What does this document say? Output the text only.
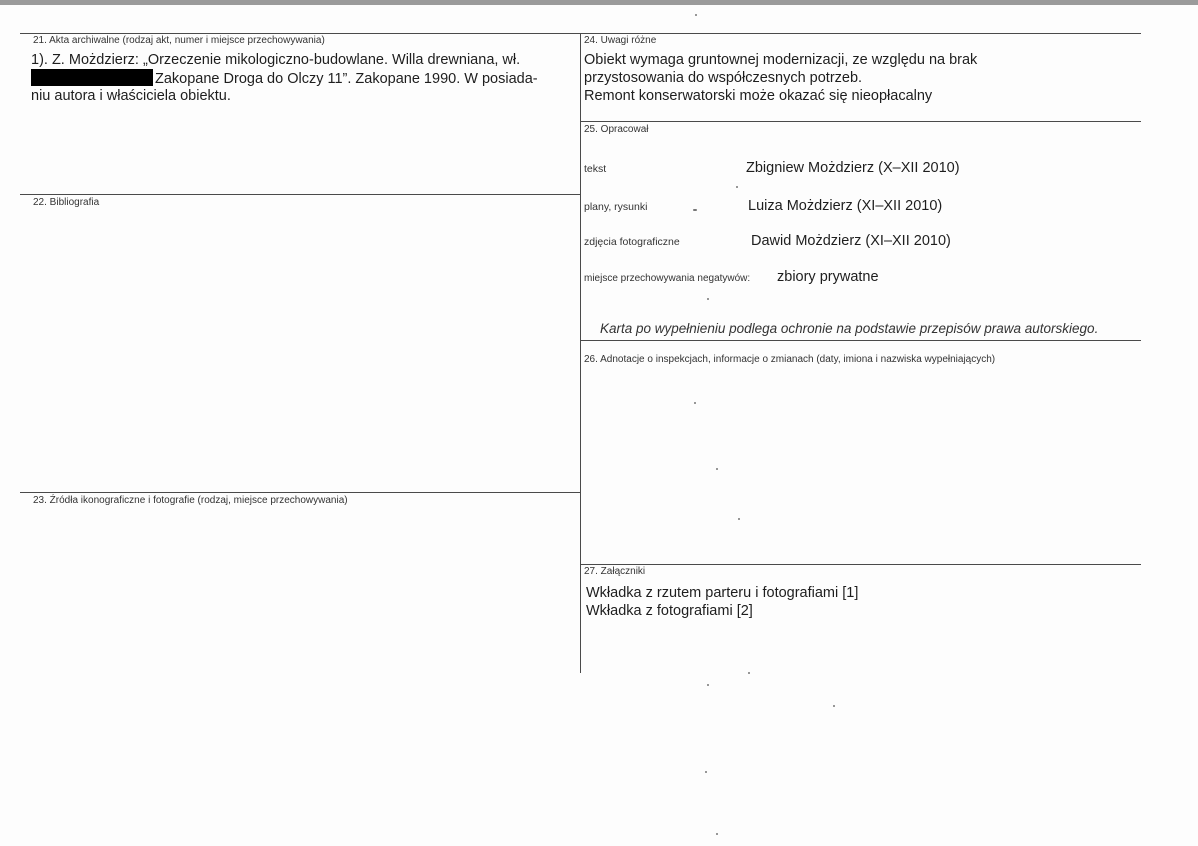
21. Akta archiwalne (rodzaj akt, numer i miejsce przechowywania)
1). Z. Możdzierz: „Orzeczenie mikologiczno-budowlane. Willa drewniana, wł.
Zakopane Droga do Olczy 11”. Zakopane 1990. W posiada-
niu autora i właściciela obiektu.
22. Bibliografia
23. Źródła ikonograficzne i fotografie (rodzaj, miejsce przechowywania)
24. Uwagi różne
Obiekt wymaga gruntownej modernizacji, ze względu na brak
przystosowania do współczesnych potrzeb.
Remont konserwatorski może okazać się nieopłacalny
25. Opracował
tekst	Zbigniew Możdzierz (X–XII 2010)
plany, rysunki	Luiza Możdzierz (XI–XII 2010)
zdjęcia fotograficzne	Dawid Możdzierz (XI–XII 2010)
miejsce przechowywania negatywów: zbiory prywatne
Karta po wypełnieniu podlega ochronie na podstawie przepisów prawa autorskiego.
26. Adnotacje o inspekcjach, informacje o zmianach (daty, imiona i nazwiska wypełniających)
27. Załączniki
Wkładka z rzutem parteru i fotografiami [1]
Wkładka z fotografiami [2]
